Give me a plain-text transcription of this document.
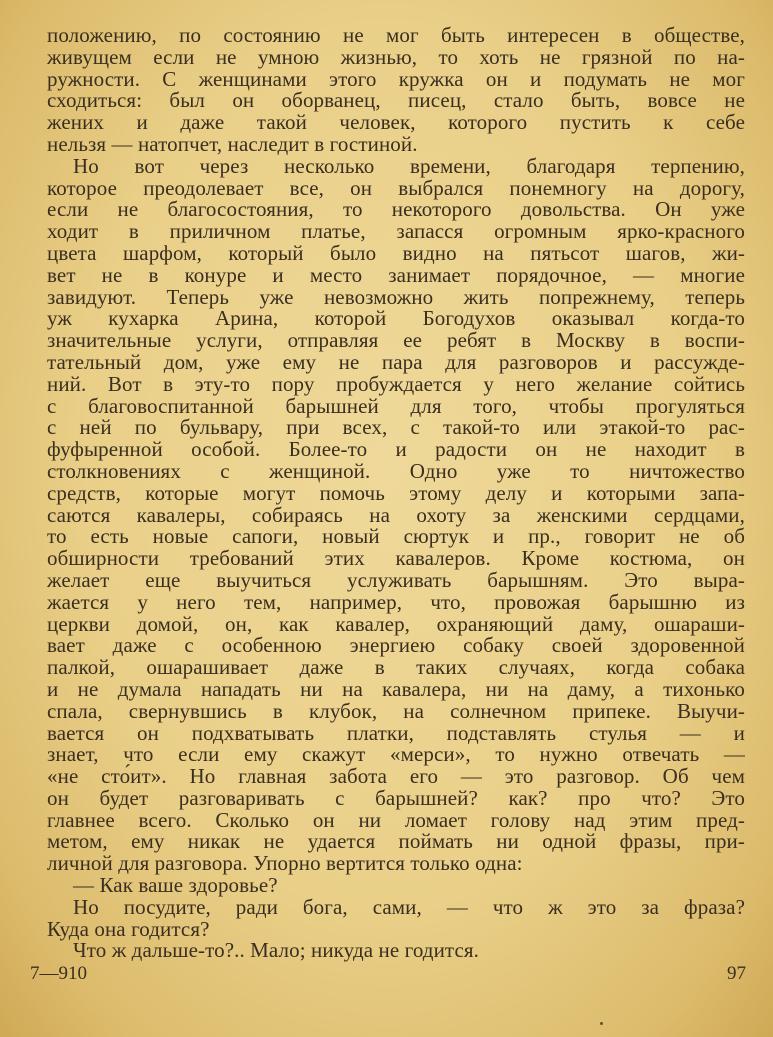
положению, по состоянию не мог быть интересен в обществе,
живущем если не умною жизнью, то хоть не грязной по на-
ружности. С женщинами этого кружка он и подумать не мог
сходиться: был он оборванец, писец, стало быть, вовсе не
жених и даже такой человек, которого пустить к себе
нельзя — натопчет, наследит в гостиной.
Но вот через несколько времени, благодаря терпению,
которое преодолевает все, он выбрался понемногу на дорогу,
если не благосостояния, то некоторого довольства. Он уже
ходит в приличном платье, запасся огромным ярко-красного
цвета шарфом, который было видно на пятьсот шагов, жи-
вет не в конуре и место занимает порядочное, — многие
завидуют. Теперь уже невозможно жить попрежнему, теперь
уж кухарка Арина, которой Богодухов оказывал когда-то
значительные услуги, отправляя ее ребят в Москву в воспи-
тательный дом, уже ему не пара для разговоров и рассужде-
ний. Вот в эту-то пору пробуждается у него желание сойтись
с благовоспитанной барышней для того, чтобы прогуляться
с ней по бульвару, при всех, с такой-то или этакой-то рас-
фуфыренной особой. Более-то и радости он не находит в
столкновениях с женщиной. Одно уже то ничтожество
средств, которые могут помочь этому делу и которыми запа-
саются кавалеры, собираясь на охоту за женскими сердцами,
то есть новые сапоги, новый сюртук и пр., говорит не об
обширности требований этих кавалеров. Кроме костюма, он
желает еще выучиться услуживать барышням. Это выра-
жается у него тем, например, что, провожая барышню из
церкви домой, он, как кавалер, охраняющий даму, ошараши-
вает даже с особенною энергиею собаку своей здоровенной
палкой, ошарашивает даже в таких случаях, когда собака
и не думала нападать ни на кавалера, ни на даму, а тихонько
спала, свернувшись в клубок, на солнечном припеке. Выучи-
вается он подхватывать платки, подставлять стулья — и
знает, что если ему скажут «мерси», то нужно отвечать —
«не сто́ит». Но главная забота его — это разговор. Об чем
он будет разговаривать с барышней? как? про что? Это
главнее всего. Сколько он ни ломает голову над этим пред-
метом, ему никак не удается поймать ни одной фразы, при-
личной для разговора. Упорно вертится только одна:
— Как ваше здоровье?
Но посудите, ради бога, сами, — что ж это за фраза?
Куда она годится?
Что ж дальше-то?.. Мало; никуда не годится.
7—910	97
